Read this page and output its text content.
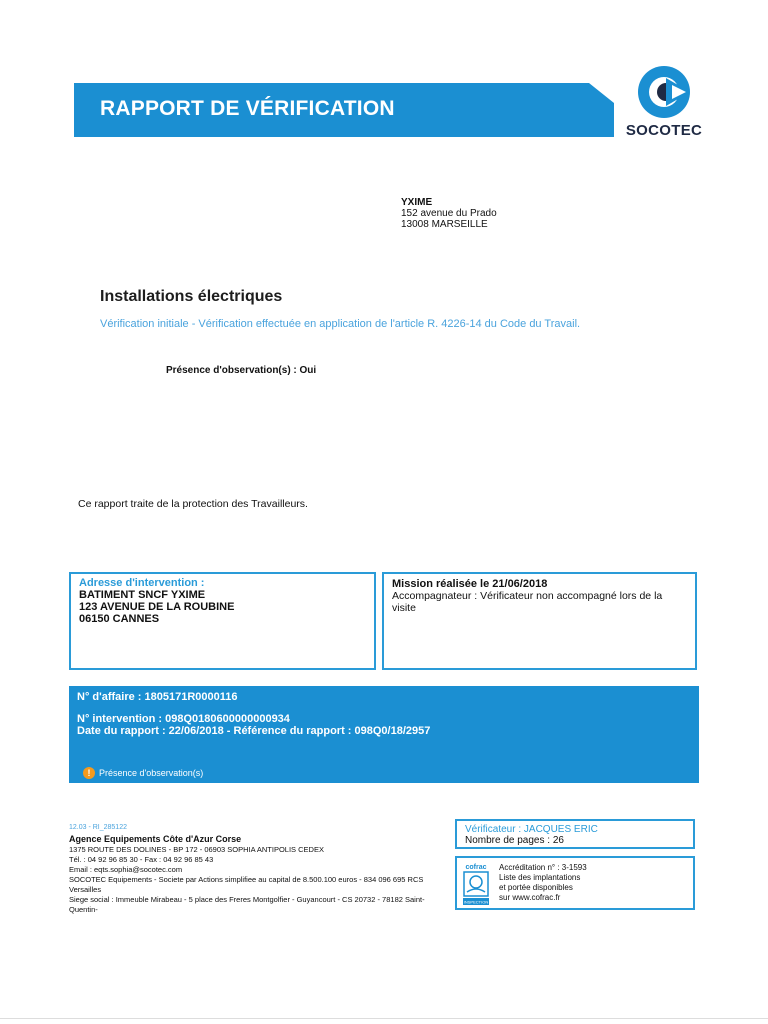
RAPPORT DE VÉRIFICATION
SOCOTEC
YXIME
152 avenue du Prado
13008 MARSEILLE
Installations électriques
Vérification initiale - Vérification effectuée en application de l'article R. 4226-14 du Code du Travail.
Présence d'observation(s) : Oui
Ce rapport traite de la protection des Travailleurs.
Adresse d'intervention :
BATIMENT SNCF YXIME
123 AVENUE DE LA ROUBINE
06150 CANNES
Mission réalisée le 21/06/2018
Accompagnateur : Vérificateur non accompagné lors de la visite
N° d'affaire : 1805171R0000116
N° intervention : 098Q0180600000000934
Date du rapport : 22/06/2018 - Référence du rapport : 098Q0/18/2957
! Présence d'observation(s)
12.03 - RI_285122
Agence Equipements Côte d'Azur Corse
1375 ROUTE DES DOLINES - BP 172 - 06903 SOPHIA ANTIPOLIS CEDEX
Tél. : 04 92 96 85 30 - Fax : 04 92 96 85 43
Email : eqts.sophia@socotec.com
SOCOTEC Equipements - Societe par Actions simplifiee au capital de 8.500.100 euros - 834 096 695 RCS
Versailles
Siege social : Immeuble Mirabeau - 5 place des Freres Montgolfier - Guyancourt - CS 20732 - 78182 Saint-Quentin-
Vérificateur : JACQUES ERIC
Nombre de pages : 26
cofrac
INSPECTION
Accréditation n° : 3-1593
Liste des implantations
et portée disponibles
sur www.cofrac.fr
